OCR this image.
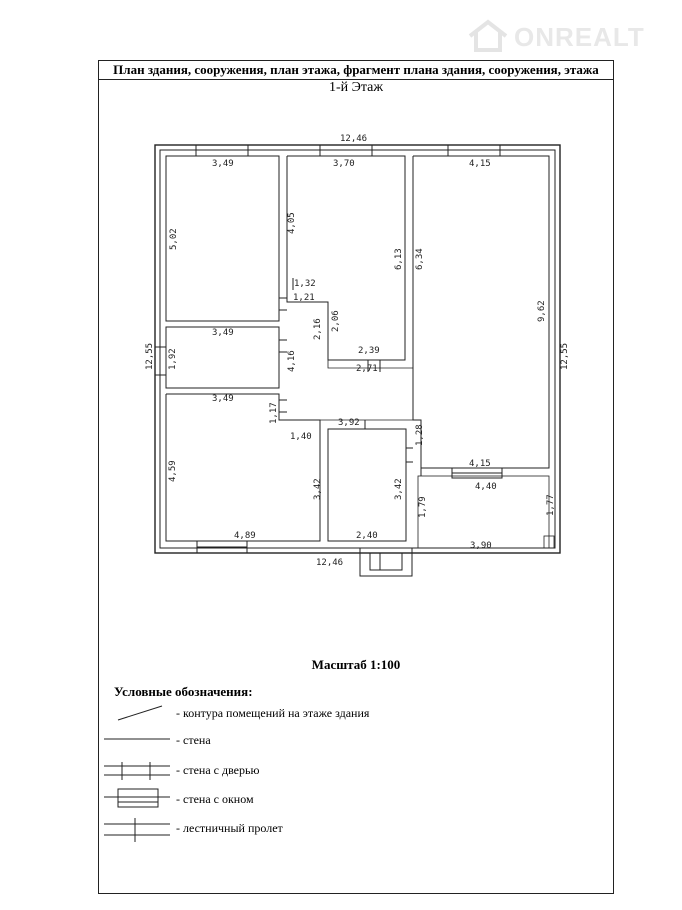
ONREALT
План здания, сооружения, план этажа, фрагмент плана здания, сооружения, этажа
1-й Этаж
12,46
12,46
12,55	12,55
3,49
5,02
3,70
4,05
6,13
4,15
6,34
9,62
1,32
1,21
2,16 2,06
2,39
2,71
3,49
1,92	4,16
3,49
4,59
3,42
4,89
1,17
1,40
3,92
3,42
2,40
1,28
4,15
4,40
1,79	1,77
3,90
Масштаб 1:100
Условные обозначения:
- контура помещений на этаже здания
- стена
- стена с дверью
- стена с окном
- лестничный пролет
